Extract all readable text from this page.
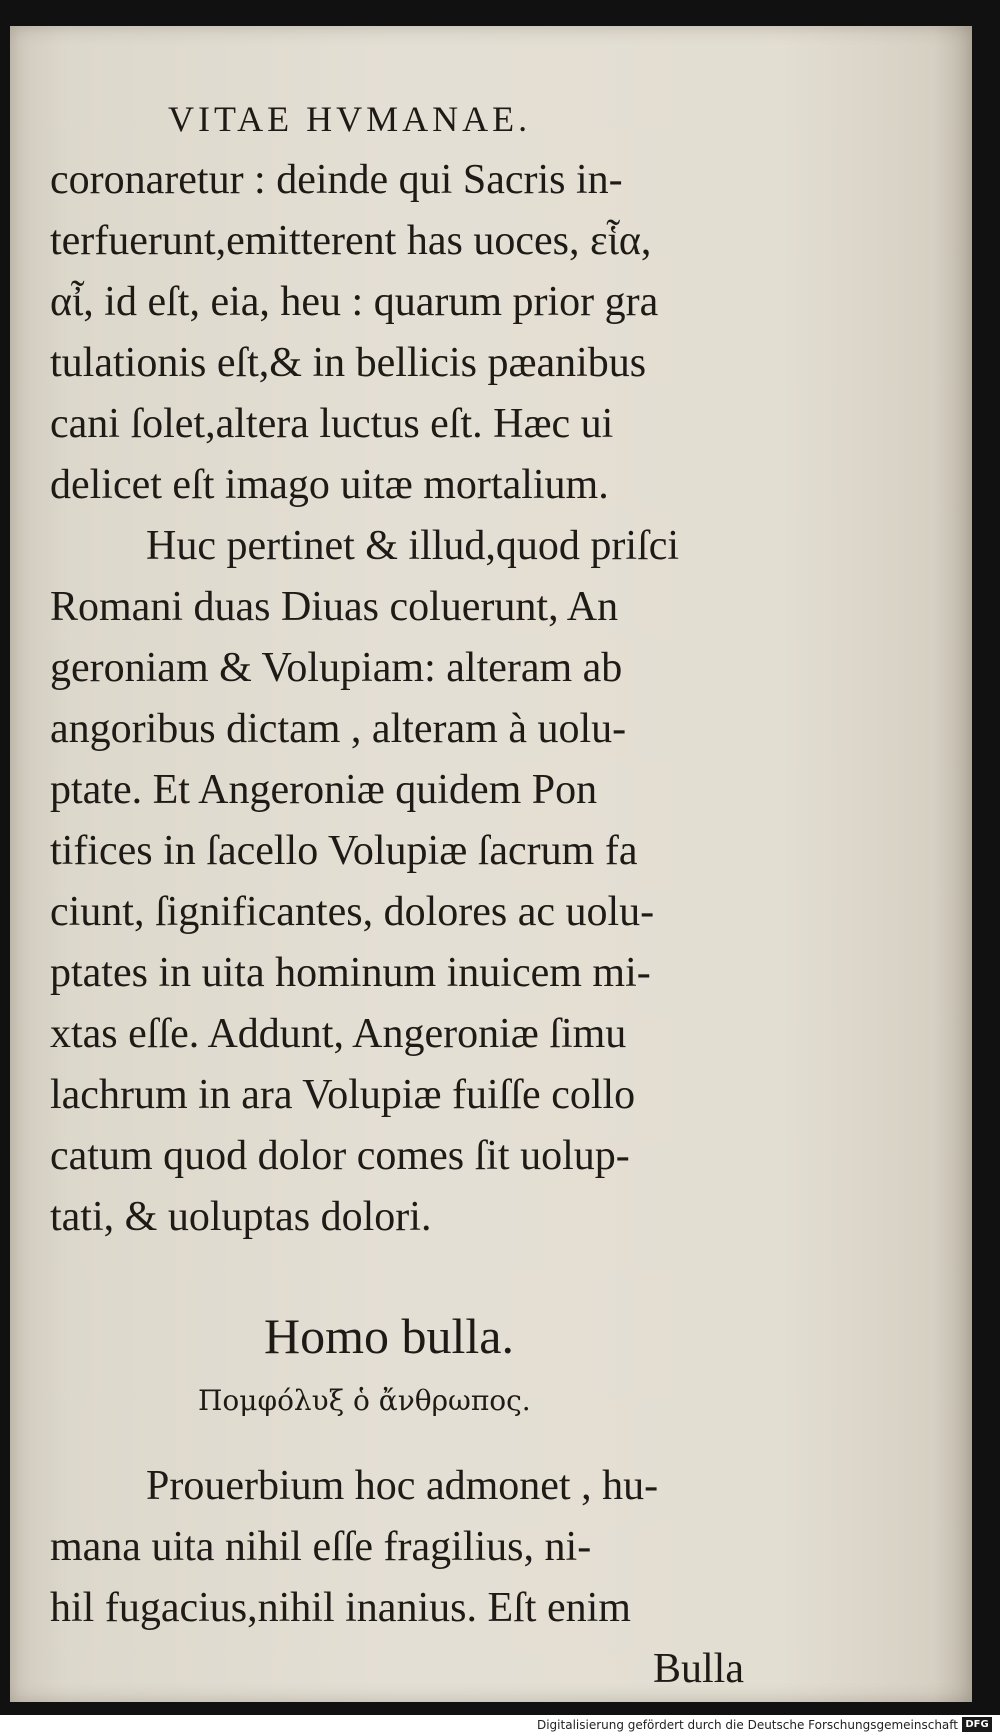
VITAE HVMANAE.
coronaretur : deinde qui Sacris in-
terfuerunt,emitterent has uoces, εἷα,
αἶ, id eſt, eia, heu : quarum prior gra
tulationis eſt,& in bellicis pæanibus
cani ſolet,altera luctus eſt. Hæc ui
delicet eſt imago uitæ mortalium.
Huc pertinet & illud,quod priſci
Romani duas Diuas coluerunt, An
geroniam & Volupiam: alteram ab
angoribus dictam , alteram à uolu-
ptate. Et Angeroniæ quidem Pon
tifices in ſacello Volupiæ ſacrum fa
ciunt, ſignificantes, dolores ac uolu-
ptates in uita hominum inuicem mi-
xtas eſſe. Addunt, Angeroniæ ſimu
lachrum in ara Volupiæ fuiſſe collo
catum quod dolor comes ſit uolup-
tati, & uoluptas dolori.
Homo bulla.
Πομφόλυξ ὁ ἄνθρωπος.
Prouerbium hoc admonet , hu-
mana uita nihil eſſe fragilius, ni-
hil fugacius,nihil inanius. Eſt enim
Bulla
Digitalisierung gefördert durch die Deutsche Forschungsgemeinschaft DFG
